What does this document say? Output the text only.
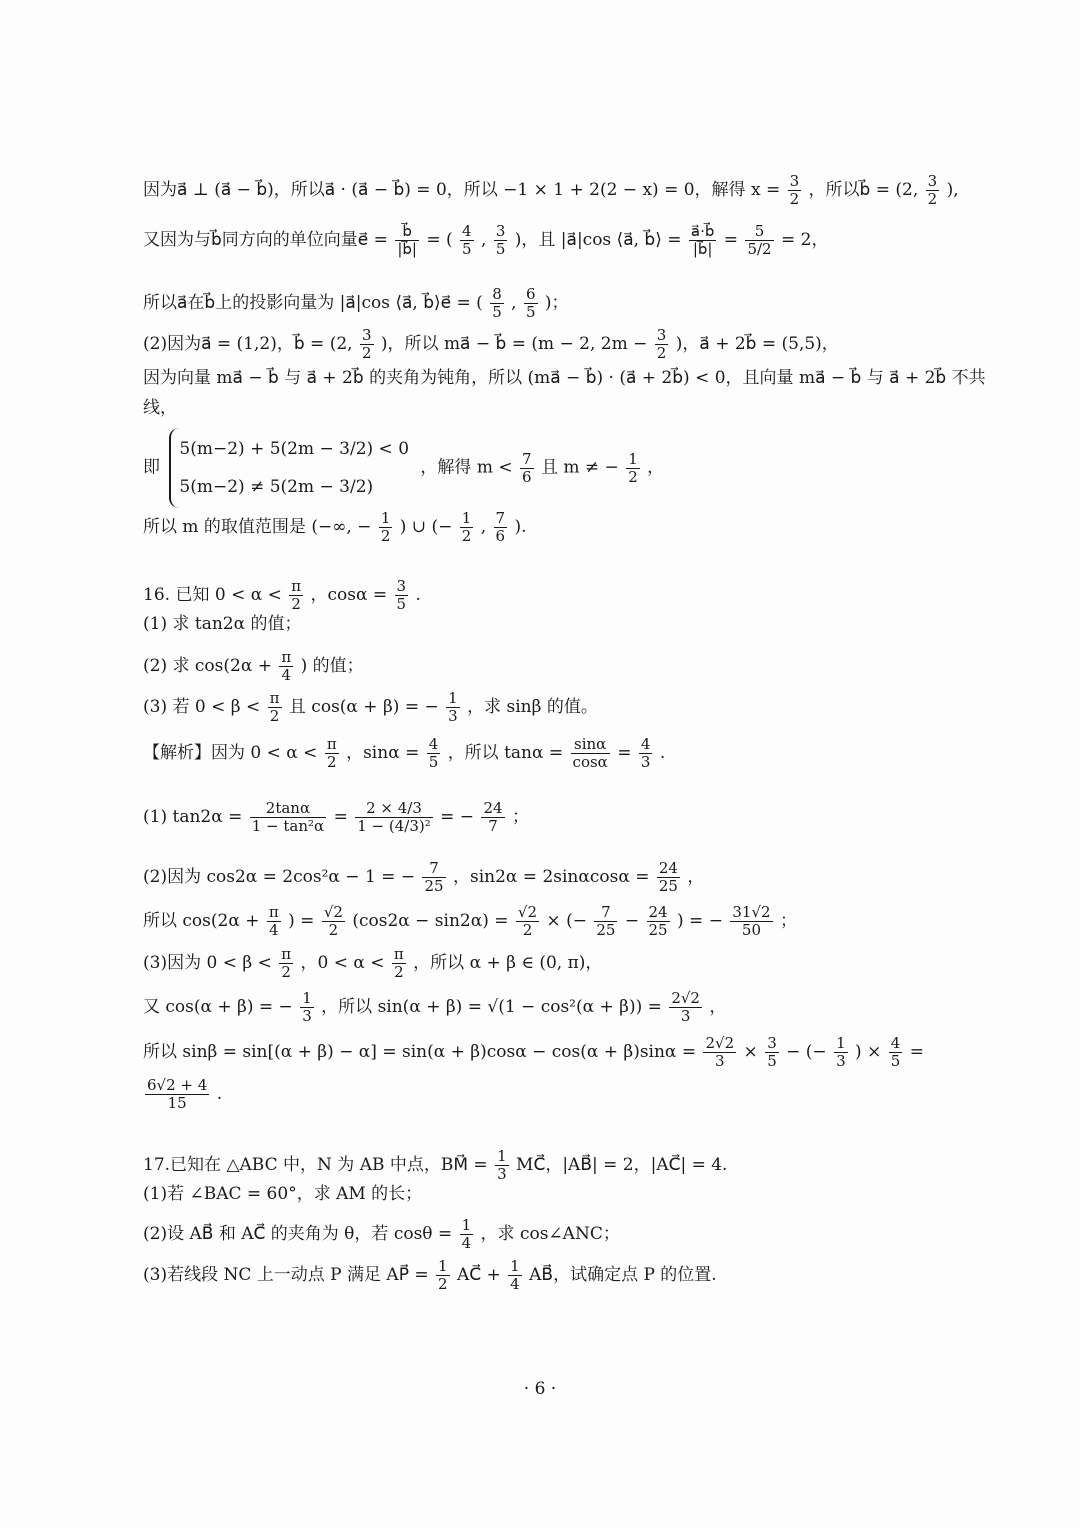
因为a⃗ ⊥ (a⃗ − b⃗)，所以a⃗ · (a⃗ − b⃗) = 0，所以 −1 × 1 + 2(2 − x) = 0，解得 $x = \frac{3}{2}$ ，所以b⃗ = (2, $\frac{3}{2}$ ),
又因为与b⃗同方向的单位向量e⃗ = $\frac{b⃗}{|b⃗|}$ = ( $\frac{4}{5}$ , $\frac{3}{5}$ )，且 |a⃗|cos ⟨a⃗, b⃗⟩ = $\frac{a⃗\cdot b⃗}{|b⃗|} = \frac{5}{5/2} = 2$，
所以a⃗在b⃗上的投影向量为 |a⃗|cos ⟨a⃗, b⃗⟩e⃗ = ( $\frac{8}{5}$ , $\frac{6}{5}$ )；
(2)因为a⃗ = (1,2)，b⃗ = (2, $\frac{3}{2}$ )，所以 ma⃗ − b⃗ = (m − 2, $2m - \frac{3}{2}$ )，a⃗ + 2b⃗ = (5,5)，
因为向量 ma⃗ − b⃗ 与 a⃗ + 2b⃗ 的夹角为钝角，所以 (ma⃗ − b⃗) · (a⃗ + 2b⃗) < 0，且向量 ma⃗ − b⃗ 与 a⃗ + 2b⃗ 不共
线，
即
5(m−2) + 5(2m − 3/2) < 0
5(m−2) ≠ 5(2m − 3/2)
，解得 $m < \frac{7}{6}$ 且 m ≠ − $\frac{1}{2}$ ，
所以 m 的取值范围是 (−∞, − $\frac{1}{2}$ ) ∪ (− $\frac{1}{2}$ , $\frac{7}{6}$ ).
16. 已知 $0 < \alpha < \frac{\pi}{2}$ ，$\cos\alpha = \frac{3}{5}$ .
(1) 求 tan2α 的值；
(2) 求 $\cos(2\alpha + \frac{\pi}{4}$ ) 的值；
(3) 若 $0 < \beta < \frac{\pi}{2}$ 且 cos(α + β) = − $\frac{1}{3}$ ，求 sinβ 的值。
【解析】因为 $0 < \alpha < \frac{\pi}{2}$ ，$\sin\alpha = \frac{4}{5}$ ，所以 $\tan\alpha = \frac{\sin\alpha}{\cos\alpha} = \frac{4}{3}$ .
(1) $\tan 2\alpha = \frac{2\tan\alpha}{\text{1 − tan²α}} = \frac{2 \times 4/3}{\text{1 − (4/3)²}}$ = − $\frac{24}{7}$ ；
(2)因为 cos2α = 2cos²α − 1 = − $\frac{7}{25}$ ，$\sin 2\alpha = 2\sin\alpha\cos\alpha = \frac{24}{25}$ ，
所以 $\cos(2\alpha + \frac{\pi}{4}$ ) = $\frac{√2}{2} (\cos 2\alpha - \sin 2\alpha) = \frac{√2}{2}$ × (− $\frac{7}{25} - \frac{24}{25}$ ) = − $\frac{31√2}{50}$ ；
(3)因为 $0 < \beta < \frac{\pi}{2}$ ，$0 < \alpha < \frac{\pi}{2}$ ，所以 α + β ∈ (0, π)，
又 cos(α + β) = − $\frac{1}{3}$ ，所以 $\sin(\alpha + \beta) = √(1 - \cos^2(\alpha + \beta)) = \frac{2√2}{3}$ ，
所以 $\sin\beta = \sin[(\alpha + \beta) - \alpha] = \sin(\alpha + \beta)\cos\alpha - \cos(\alpha + \beta)\sin\alpha = \frac{2√2}{3} \times \frac{3}{5}$ − (− $\frac{1}{3}$ ) × $\frac{4}{5}$ =
$\frac{6√2 + 4}{15}$ .
17.已知在 △ABC 中，N 为 AB 中点，BM⃗ = $\frac{1}{3}$ MC⃗，|AB⃗| = 2，|AC⃗| = 4.
(1)若 ∠BAC = 60°，求 AM 的长；
(2)设 AB⃗ 和 AC⃗ 的夹角为 θ，若 $\cos\theta = \frac{1}{4}$ ，求 cos∠ANC；
(3)若线段 NC 上一动点 P 满足 AP⃗ = $\frac{1}{2}$ AC⃗ + $\frac{1}{4}$ AB⃗，试确定点 P 的位置.
· 6 ·
